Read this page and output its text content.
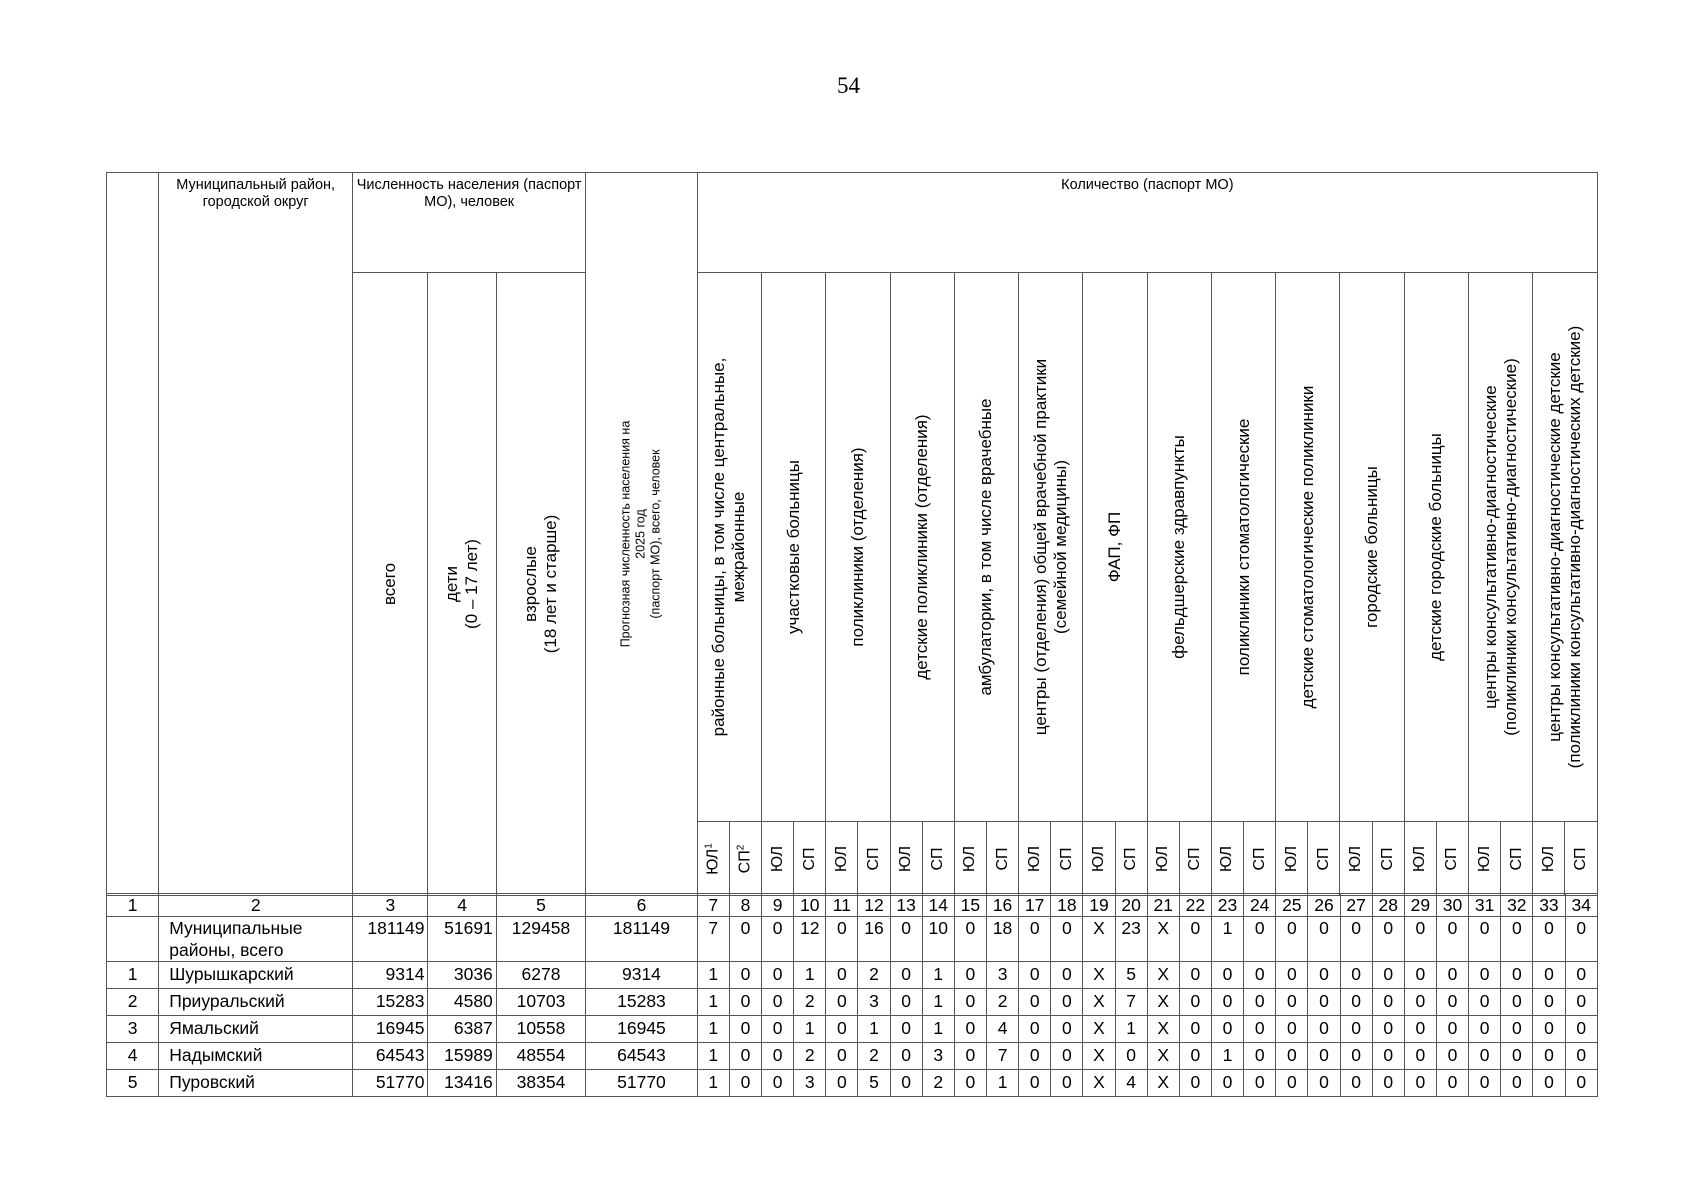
54
	Муниципальный район, городской округ	Численность населения (паспорт МО), человек			Прогнозная численность населения на
2025 год
(паспорт МО), всего, человек	Количество (паспорт МО)																											

		всего	дети
(0 – 17 лет)	взрослые
(18 лет и старше)		районные больницы, в том числе центральные,
межрайонные		участковые больницы		поликлиники (отделения)		детские поликлиники (отделения)		амбулатории, в том числе врачебные		центры (отделения) общей врачебной практики
(семейной медицины)		ФАП, ФП		фельдшерские здравпункты		поликлиники стоматологические		детские стоматологические поликлиники		городские больницы		детские городские больницы		центры консультативно-диагностические
(поликлиники консультативно-диагностические)		центры консультативно-диагностические детские
(поликлиники консультативно-диагностических детские)	

						$ЮЛ^1$	$СП^2$	ЮЛ	СП	ЮЛ	СП	ЮЛ	СП	ЮЛ	СП	ЮЛ	СП	ЮЛ	СП	ЮЛ	СП	ЮЛ	СП	ЮЛ	СП	ЮЛ	СП	ЮЛ	СП	ЮЛ	СП	ЮЛ	СП
1	2	3	4	5	6	7	8	9	10	11	12	13	14	15	16	17	18	19	20	21	22	23	24	25	26	27	28	29	30	31	32	33	34
	Муниципальные районы, всего	181149	51691	129458	181149	7	0	0	12	0	16	0	10	0	18	0	0	X	23	X	0	1	0	0	0	0	0	0	0	0	0	0	0
1	Шурышкарский	9314	3036	6278	9314	1	0	0	1	0	2	0	1	0	3	0	0	X	5	X	0	0	0	0	0	0	0	0	0	0	0	0	0
2	Приуральский	15283	4580	10703	15283	1	0	0	2	0	3	0	1	0	2	0	0	X	7	X	0	0	0	0	0	0	0	0	0	0	0	0	0
3	Ямальский	16945	6387	10558	16945	1	0	0	1	0	1	0	1	0	4	0	0	X	1	X	0	0	0	0	0	0	0	0	0	0	0	0	0
4	Надымский	64543	15989	48554	64543	1	0	0	2	0	2	0	3	0	7	0	0	X	0	X	0	1	0	0	0	0	0	0	0	0	0	0	0
5	Пуровский	51770	13416	38354	51770	1	0	0	3	0	5	0	2	0	1	0	0	X	4	X	0	0	0	0	0	0	0	0	0	0	0	0	0
